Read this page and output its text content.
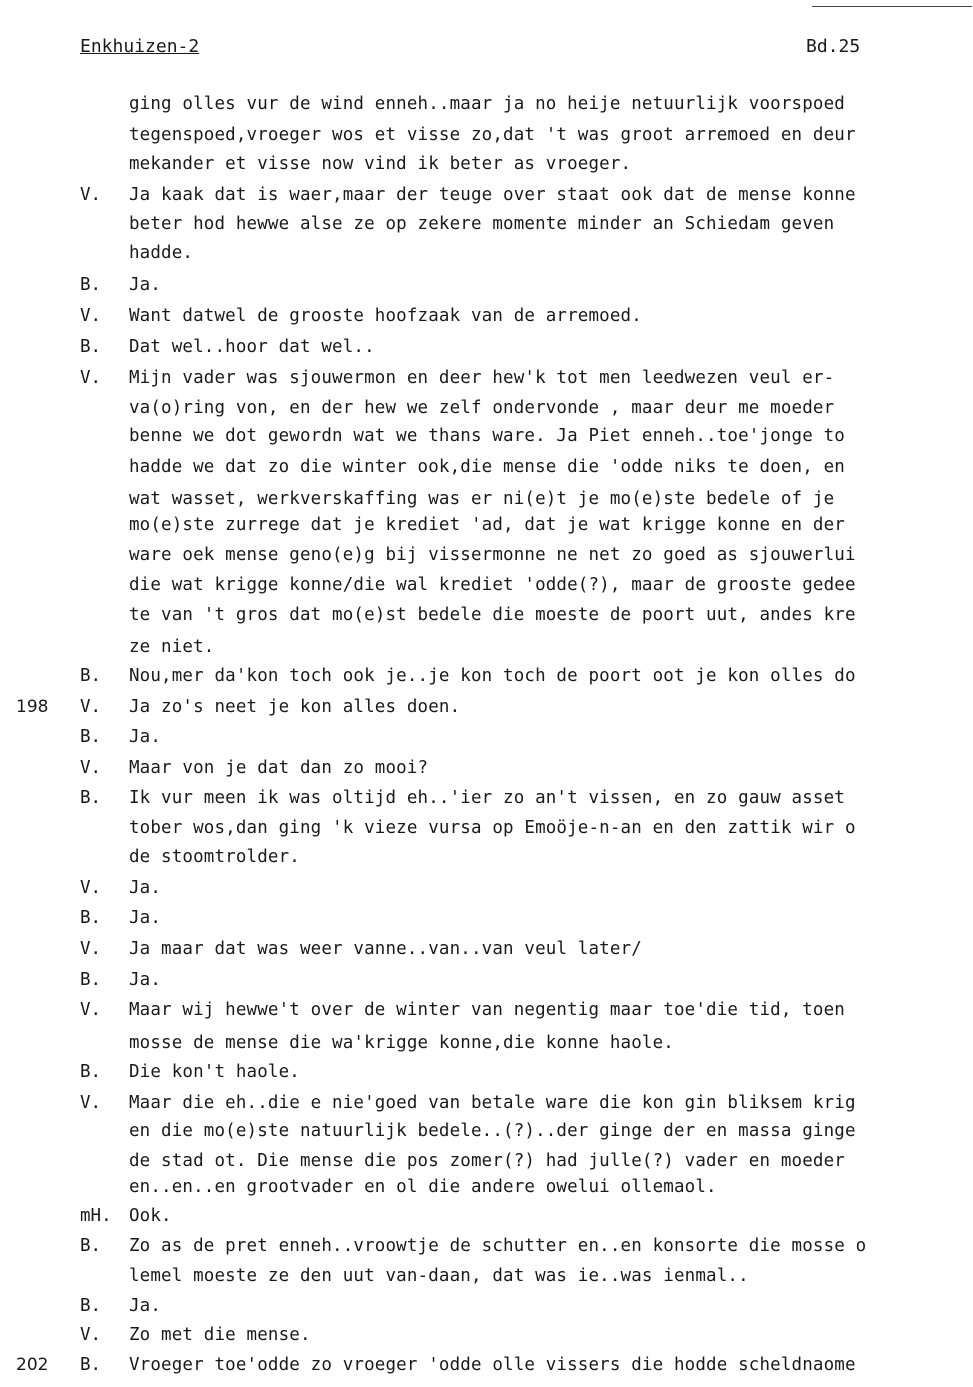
Enkhuizen-2	Bd.25
ging olles vur de wind enneh..maar ja no heije netuurlijk voorspoed
tegenspoed,vroeger wos et visse zo,dat 't was groot arremoed en deur
mekander et visse now vind ik beter as vroeger.
V. Ja kaak dat is waer,maar der teuge over staat ook dat de mense konne
beter hod hewwe alse ze op zekere momente minder an Schiedam geven
hadde.
B. Ja.
V. Want datwel de grooste hoofzaak van de arremoed.
B. Dat wel..hoor dat wel..
V. Mijn vader was sjouwermon en deer hew'k tot men leedwezen veul er-
va(o)ring von, en der hew we zelf ondervonde , maar deur me moeder
benne we dot gewordn wat we thans ware. Ja Piet enneh..toe'jonge to
hadde we dat zo die winter ook,die mense die 'odde niks te doen, en
wat wasset, werkverskaffing was er ni(e)t je mo(e)ste bedele of je
mo(e)ste zurrege dat je krediet 'ad, dat je wat krigge konne en der
ware oek mense geno(e)g bij vissermonne ne net zo goed as sjouwerlui
die wat krigge konne/die wal krediet 'odde(?), maar de grooste gedee
te van 't gros dat mo(e)st bedele die moeste de poort uut, andes kre
ze niet.
B. Nou,mer da'kon toch ook je..je kon toch de poort oot je kon olles do
198 V. Ja zo's neet je kon alles doen.
B. Ja.
V. Maar von je dat dan zo mooi?
B. Ik vur meen ik was oltijd eh..'ier zo an't vissen, en zo gauw asset
tober wos,dan ging 'k vieze vursa op Emoöje-n-an en den zattik wir o
de stoomtrolder.
V. Ja.
B. Ja.
V. Ja maar dat was weer vanne..van..van veul later/
B. Ja.
V. Maar wij hewwe't over de winter van negentig maar toe'die tid, toen
mosse de mense die wa'krigge konne,die konne haole.
B. Die kon't haole.
V. Maar die eh..die e nie'goed van betale ware die kon gin bliksem krig
en die mo(e)ste natuurlijk bedele..(?)..der ginge der en massa ginge
de stad ot. Die mense die pos zomer(?) had julle(?) vader en moeder
en..en..en grootvader en ol die andere owelui ollemaol.
mH. Ook.
B. Zo as de pret enneh..vroowtje de schutter en..en konsorte die mosse o
lemel moeste ze den uut van-daan, dat was ie..was ienmal..
B. Ja.
V. Zo met die mense.
202 B. Vroeger toe'odde zo vroeger 'odde olle vissers die hodde scheldnaome
